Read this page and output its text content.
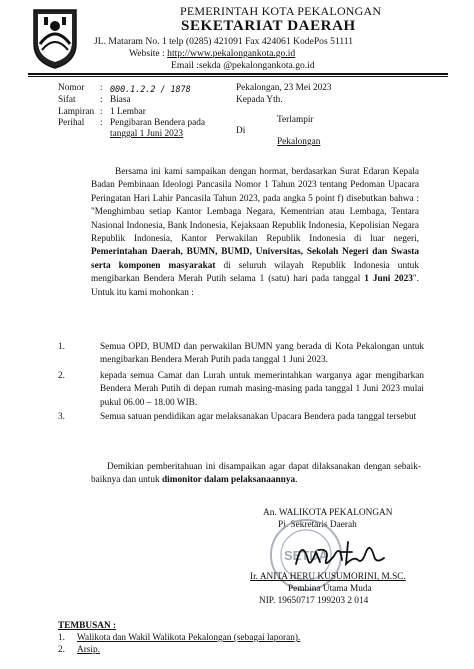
PEMERINTAH KOTA PEKALONGAN
SEKETARIAT DAERAH
JL. Mataram No. 1 telp (0285) 421091 Fax 424061 KodePos 51111
Website : http://www.pekalongankota.go.id
Email :sekda @pekalongankota.go.id
Nomor : 000.1.2.2 / 1878
Sifat	: Biasa
Lampiran : 1 Lembar
Perihal : Pengibaran Bendera pada
tanggal 1 Juni 2023
Pekalongan, 23 Mei 2023
Kepada Yth.
Terlampir
Di
Pekalongan
Bersama ini kami sampaikan dengan hormat, berdasarkan Surat Edaran Kepala Badan Pembinaan Ideologi Pancasila Nomor 1 Tahun 2023 tentang Pedoman Upacara Peringatan Hari Lahir Pancasila Tahun 2023, pada angka 5 point f) disebutkan bahwa : "Menghimbau setiap Kantor Lembaga Negara, Kementrian atau Lembaga, Tentara Nasional Indonesia, Bank Indonesia, Kejaksaan Republik Indonesia, Kepolisian Negara Republik Indonesia, Kantor Perwakilan Republik Indonesia di luar negeri, Pemerintahan Daerah, BUMN, BUMD, Universitas, Sekolah Negeri dan Swasta serta komponen masyarakat di seluruh wilayah Republik Indonesia untuk mengibarkan Bendera Merah Putih selama 1 (satu) hari pada tanggal 1 Juni 2023". Untuk itu kami mohonkan :
1.	Semua OPD, BUMD dan perwakilan BUMN yang berada di Kota Pekalongan untuk mengibarkan Bendera Merah Putih pada tanggal 1 Juni 2023.
2.	kepada semua Camat dan Lurah untuk memerintahkan warganya agar mengibarkan Bendera Merah Putih di depan rumah masing-masing pada tanggal 1 Juni 2023 mulai pukul 06.00 – 18.00 WIB.
3.	Semua satuan pendidikan agar melaksanakan Upacara Bendera pada tanggal tersebut
Demikian pemberitahuan ini disampaikan agar dapat dilaksanakan dengan sebaik-baiknya dan untuk dimonitor dalam pelaksanaannya.
An. WALIKOTA PEKALONGAN
Pj. Sekretaris Daerah
SETDA
Ir. ANITA HERU KUSUMORINI, M.SC.
Pembina Utama Muda
NIP. 19650717 199203 2 014
TEMBUSAN :
1. Walikota dan Wakil Walikota Pekalongan (sebagai laporan).
2. Arsip.
